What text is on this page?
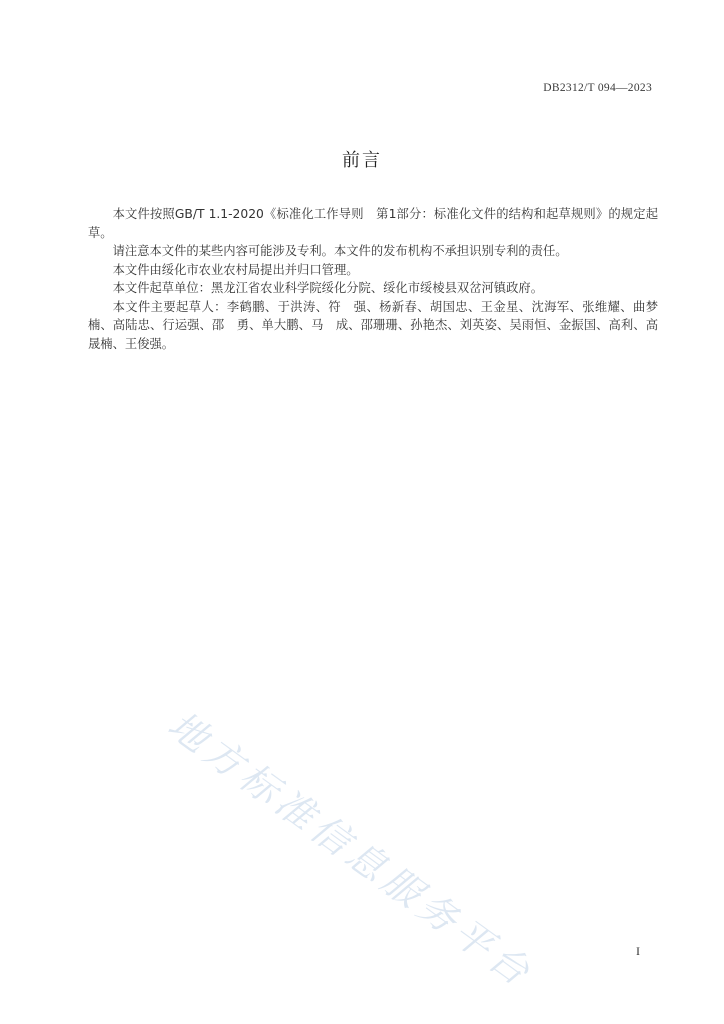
DB2312/T 094—2023
前言

本文件按照GB/T 1.1-2020《标准化工作导则　第1部分：标准化文件的结构和起草规则》的规定起草。

请注意本文件的某些内容可能涉及专利。本文件的发布机构不承担识别专利的责任。

本文件由绥化市农业农村局提出并归口管理。

本文件起草单位：黑龙江省农业科学院绥化分院、绥化市绥棱县双岔河镇政府。

本文件主要起草人：李鹤鹏、于洪涛、符　强、杨新春、胡国忠、王金星、沈海军、张维耀、曲梦楠、高陆忠、行运强、邵　勇、单大鹏、马　成、邵珊珊、孙艳杰、刘英姿、吴雨恒、金振国、高利、高晟楠、王俊强。

地方标准信息服务平台	I
